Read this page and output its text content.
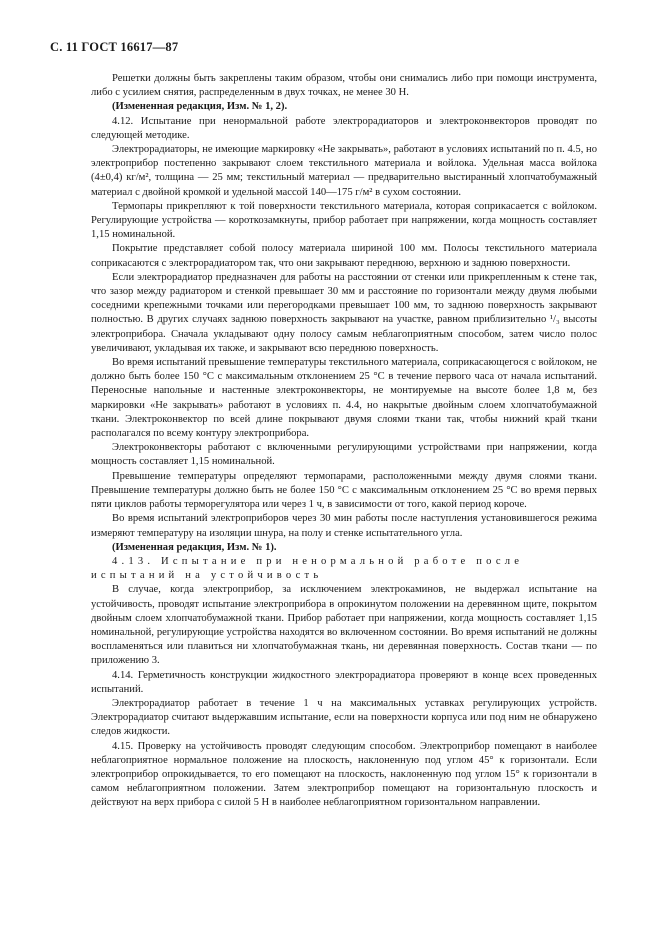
С. 11 ГОСТ 16617—87

Решетки должны быть закреплены таким образом, чтобы они снимались либо при помощи инструмента, либо с усилием снятия, распределенным в двух точках, не менее 30 Н.

(Измененная редакция, Изм. № 1, 2).

4.12. Испытание при ненормальной работе электрорадиаторов и электроконвекторов проводят по следующей методике.

Электрорадиаторы, не имеющие маркировку «Не закрывать», работают в условиях испытаний по п. 4.5, но электроприбор постепенно закрывают слоем текстильного материала и войлока. Удельная масса войлока (4±0,4) кг/м², толщина — 25 мм; текстильный материал — предварительно выстиранный хлопчатобумажный материал с двойной кромкой и удельной массой 140—175 г/м² в сухом состоянии.

Термопары прикрепляют к той поверхности текстильного материала, которая соприкасается с войлоком. Регулирующие устройства — короткозамкнуты, прибор работает при напряжении, когда мощность составляет 1,15 номинальной.

Покрытие представляет собой полосу материала шириной 100 мм. Полосы текстильного материала соприкасаются с электрорадиатором так, что они закрывают переднюю, верхнюю и заднюю поверхности.

Если электрорадиатор предназначен для работы на расстоянии от стенки или прикрепленным к стене так, что зазор между радиатором и стенкой превышает 30 мм и расстояние по горизонтали между двумя любыми соседними крепежными точками или перегородками превышает 100 мм, то заднюю поверхность закрывают полностью. В других случаях заднюю поверхность закрывают на участке, равном приблизительно ¹/₃ высоты электроприбора. Сначала укладывают одну полосу самым неблагоприятным способом, затем число полос увеличивают, укладывая их также, и закрывают всю переднюю поверхность.

Во время испытаний превышение температуры текстильного материала, соприкасающегося с войлоком, не должно быть более 150 °С с максимальным отклонением 25 °С в течение первого часа от начала испытаний. Переносные напольные и настенные электроконвекторы, не монтируемые на высоте более 1,8 м, без маркировки «Не закрывать» работают в условиях п. 4.4, но накрытые двойным слоем хлопчатобумажной ткани. Электроконвектор по всей длине покрывают двумя слоями ткани так, чтобы нижний край ткани располагался по всему контуру электроприбора.

Электроконвекторы работают с включенными регулирующими устройствами при напряжении, когда мощность составляет 1,15 номинальной.

Превышение температуры определяют термопарами, расположенными между двумя слоями ткани. Превышение температуры должно быть не более 150 °С с максимальным отклонением 25 °С во время первых пяти циклов работы терморегулятора или через 1 ч, в зависимости от того, какой период короче.

Во время испытаний электроприборов через 30 мин работы после наступления установившегося режима измеряют температуру на изоляции шнура, на полу и стенке испытательного угла.

(Измененная редакция, Изм. № 1).

4.13. Испытание при ненормальной работе после испытаний на устойчивость

В случае, когда электроприбор, за исключением электрокаминов, не выдержал испытание на устойчивость, проводят испытание электроприбора в опрокинутом положении на деревянном щите, покрытом двойным слоем хлопчатобумажной ткани. Прибор работает при напряжении, когда мощность составляет 1,15 номинальной, регулирующие устройства находятся во включенном состоянии. Во время испытаний не должны воспламеняться или плавиться ни хлопчатобумажная ткань, ни деревянная поверхность. Состав ткани — по приложению 3.

4.14. Герметичность конструкции жидкостного электрорадиатора проверяют в конце всех проведенных испытаний.

Электрорадиатор работает в течение 1 ч на максимальных уставках регулирующих устройств. Электрорадиатор считают выдержавшим испытание, если на поверхности корпуса или под ним не обнаружено следов жидкости.

4.15. Проверку на устойчивость проводят следующим способом. Электроприбор помещают в наиболее неблагоприятное нормальное положение на плоскость, наклоненную под углом 45° к горизонтали. Если электроприбор опрокидывается, то его помещают на плоскость, наклоненную под углом 15° к горизонтали в самом неблагоприятном положении. Затем электроприбор помещают на горизонтальную плоскость и действуют на верх прибора с силой 5 Н в наиболее неблагоприятном горизонтальном направлении.
